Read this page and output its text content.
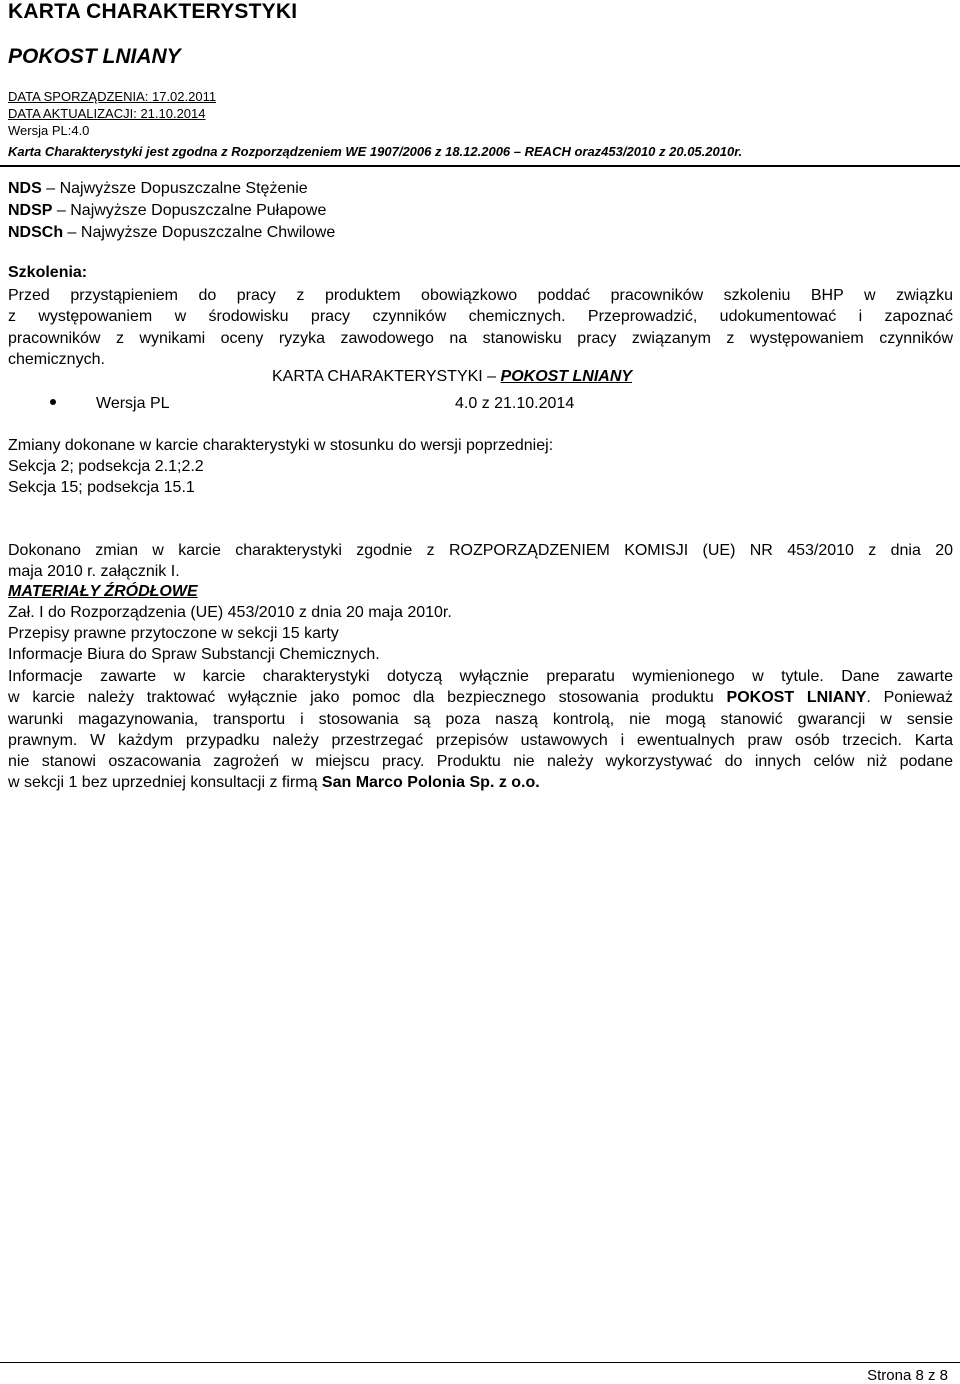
KARTA CHARAKTERYSTYKI
POKOST LNIANY
DATA SPORZĄDZENIA: 17.02.2011
DATA AKTUALIZACJI: 21.10.2014
Wersja PL:4.0
Karta Charakterystyki jest zgodna z Rozporządzeniem WE 1907/2006 z 18.12.2006 – REACH oraz453/2010 z 20.05.2010r.
NDS – Najwyższe Dopuszczalne Stężenie
NDSP – Najwyższe Dopuszczalne Pułapowe
NDSCh – Najwyższe Dopuszczalne Chwilowe
Szkolenia:
Przed przystąpieniem do pracy z produktem obowiązkowo poddać pracowników szkoleniu BHP w związku
z występowaniem w środowisku pracy czynników chemicznych. Przeprowadzić, udokumentować i zapoznać
pracowników z wynikami oceny ryzyka zawodowego na stanowisku pracy związanym z występowaniem czynników
chemicznych.
KARTA CHARAKTERYSTYKI – POKOST LNIANY
Wersja PL	4.0 z 21.10.2014
Zmiany dokonane w karcie charakterystyki w stosunku do wersji poprzedniej:
Sekcja 2; podsekcja 2.1;2.2
Sekcja 15; podsekcja 15.1
Dokonano zmian w karcie charakterystyki zgodnie z ROZPORZĄDZENIEM KOMISJI (UE) NR 453/2010 z dnia 20
maja 2010 r. załącznik I.
MATERIAŁY ŹRÓDŁOWE
Zał. I do Rozporządzenia (UE) 453/2010 z dnia 20 maja 2010r.
Przepisy prawne przytoczone w sekcji 15 karty
Informacje Biura do Spraw Substancji Chemicznych.
Informacje zawarte w karcie charakterystyki dotyczą wyłącznie preparatu wymienionego w tytule. Dane zawarte
w karcie należy traktować wyłącznie jako pomoc dla bezpiecznego stosowania produktu POKOST LNIANY. Ponieważ
warunki magazynowania, transportu i stosowania są poza naszą kontrolą, nie mogą stanowić gwarancji w sensie
prawnym. W każdym przypadku należy przestrzegać przepisów ustawowych i ewentualnych praw osób trzecich. Karta
nie stanowi oszacowania zagrożeń w miejscu pracy. Produktu nie należy wykorzystywać do innych celów niż podane
w sekcji 1 bez uprzedniej konsultacji z firmą San Marco Polonia Sp. z o.o.
Strona 8 z 8
